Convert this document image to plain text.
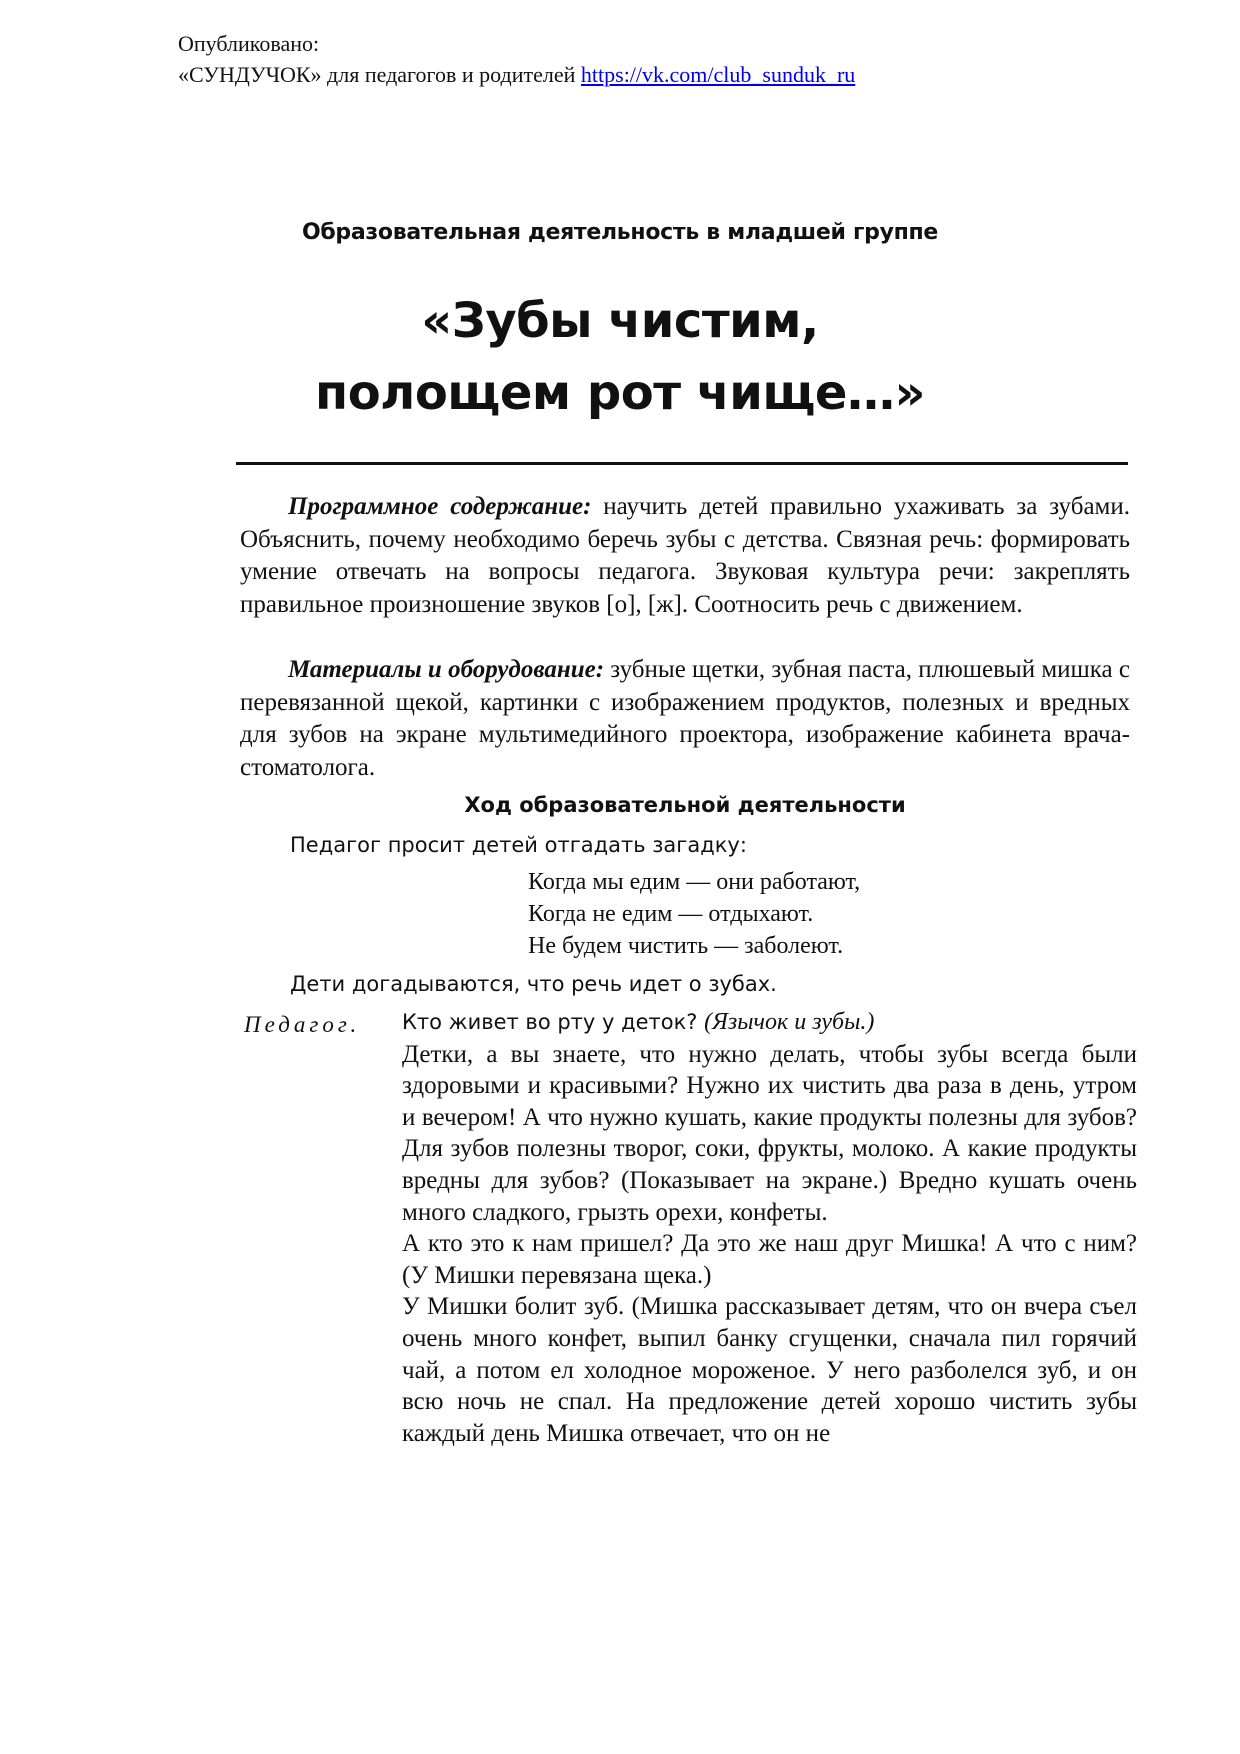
Опубликовано:
«СУНДУЧОК» для педагогов и родителей https://vk.com/club_sunduk_ru
Образовательная деятельность в младшей группе
«Зубы чистим,
полощем рот чище…»

Программное содержание: научить детей правильно ухаживать за зубами. Объяснить, почему необходимо беречь зубы с детства. Связная речь: формировать умение отвечать на вопросы педагога. Звуковая культура речи: закреплять правильное произношение звуков [о], [ж]. Соотносить речь с движением.

Материалы и оборудование: зубные щетки, зубная паста, плюшевый мишка с перевязанной щекой, картинки с изображением продуктов, полезных и вредных для зубов на экране мультимедийного проектора, изображение кабинета врача-стоматолога.

Ход образовательной деятельности

Педагог просит детей отгадать загадку:

Когда мы едим — они работают,
Когда не едим — отдыхают.
Не будем чистить — заболеют.

Дети догадываются, что речь идет о зубах.

Педагог. Кто живет во рту у деток? (Язычок и зубы.)

Детки, а вы знаете, что нужно делать, чтобы зубы всегда были здоровыми и красивыми? Нужно их чистить два раза в день, утром и вечером! А что нужно кушать, какие продукты полезны для зубов? Для зубов полезны творог, соки, фрукты, молоко. А какие продукты вредны для зубов? (Показывает на экране.) Вредно кушать очень много сладкого, грызть орехи, конфеты.

А кто это к нам пришел? Да это же наш друг Мишка! А что с ним? (У Мишки перевязана щека.)

У Мишки болит зуб. (Мишка рассказывает детям, что он вчера съел очень много конфет, выпил банку сгущенки, сначала пил горячий чай, а потом ел холодное мороженое. У него разболелся зуб, и он всю ночь не спал. На предложение детей хорошо чистить зубы каждый день Мишка отвечает, что он не
